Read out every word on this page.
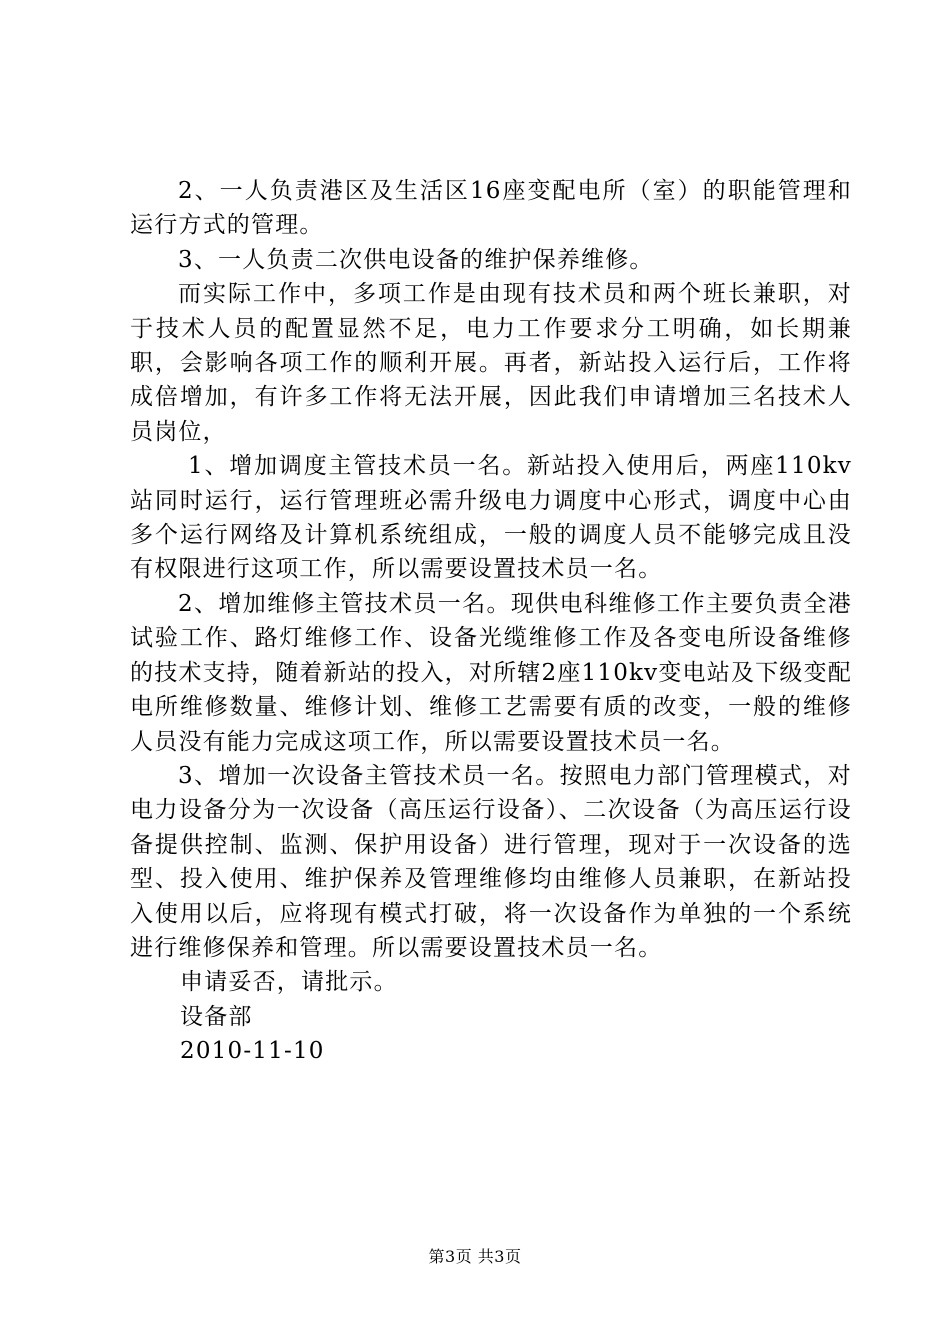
2、一人负责港区及生活区16座变配电所（室）的职能管理和运行方式的管理。

3、一人负责二次供电设备的维护保养维修。

而实际工作中，多项工作是由现有技术员和两个班长兼职，对于技术人员的配置显然不足，电力工作要求分工明确，如长期兼职，会影响各项工作的顺利开展。再者，新站投入运行后，工作将成倍增加，有许多工作将无法开展，因此我们申请增加三名技术人员岗位，

1、增加调度主管技术员一名。新站投入使用后，两座110kv站同时运行，运行管理班必需升级电力调度中心形式，调度中心由多个运行网络及计算机系统组成，一般的调度人员不能够完成且没有权限进行这项工作，所以需要设置技术员一名。

2、增加维修主管技术员一名。现供电科维修工作主要负责全港试验工作、路灯维修工作、设备光缆维修工作及各变电所设备维修的技术支持，随着新站的投入，对所辖2座110kv变电站及下级变配电所维修数量、维修计划、维修工艺需要有质的改变，一般的维修人员没有能力完成这项工作，所以需要设置技术员一名。

3、增加一次设备主管技术员一名。按照电力部门管理模式，对电力设备分为一次设备（高压运行设备）、二次设备（为高压运行设备提供控制、监测、保护用设备）进行管理，现对于一次设备的选型、投入使用、维护保养及管理维修均由维修人员兼职，在新站投入使用以后，应将现有模式打破，将一次设备作为单独的一个系统进行维修保养和管理。所以需要设置技术员一名。

申请妥否，请批示。

设备部

2010-11-10

第3页 共3页
